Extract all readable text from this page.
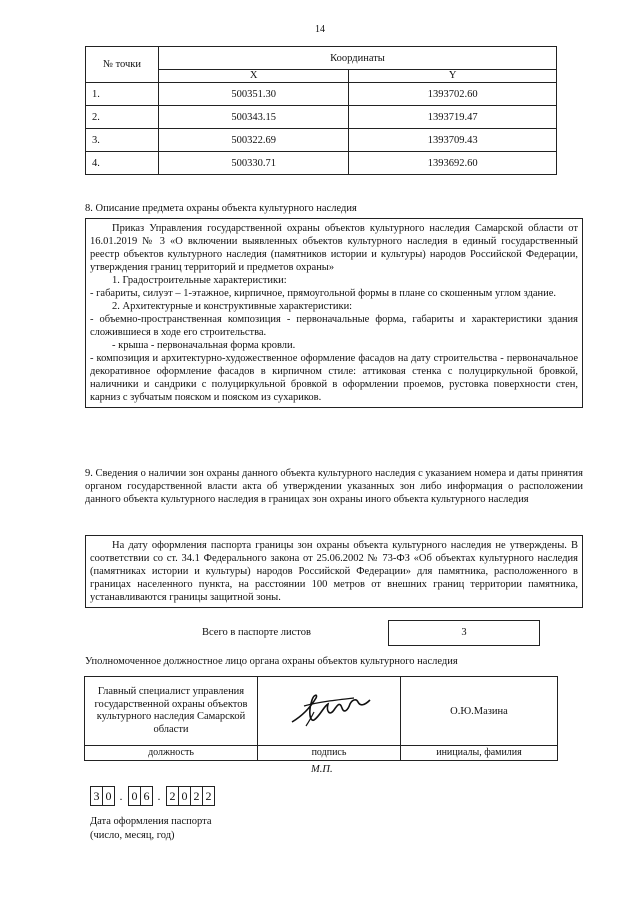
14
№ точки	Координаты	
	X	Y
1.	500351.30	1393702.60
2.	500343.15	1393719.47
3.	500322.69	1393709.43
4.	500330.71	1393692.60
8. Описание предмета охраны объекта культурного наследия

Приказ Управления государственной охраны объектов культурного наследия Самарской области от 16.01.2019 № 3 «О включении выявленных объектов культурного наследия в единый государственный реестр объектов культурного наследия (памятников истории и культуры) народов Российской Федерации, утверждения границ территорий и предметов охраны»

1. Градостроительные характеристики:

- габариты, силуэт – 1-этажное, кирпичное, прямоугольной формы в плане со скошенным углом здание.

2. Архитектурные и конструктивные характеристики:

- объемно-пространственная композиция - первоначальные форма, габариты и характеристики здания сложившиеся в ходе его строительства.

- крыша - первоначальная форма кровли.

- композиция и архитектурно-художественное оформление фасадов на дату строительства - первоначальное декоративное оформление фасадов в кирпичном стиле: аттиковая стенка с полуциркульной бровкой, наличники и сандрики с полуциркульной бровкой в оформлении проемов, рустовка поверхности стен, карниз с зубчатым пояском и пояском из сухариков.

9. Сведения о наличии зон охраны данного объекта культурного наследия с указанием номера и даты принятия органом государственной власти акта об утверждении указанных зон либо информация о расположении данного объекта культурного наследия в границах зон охраны иного объекта культурного наследия

На дату оформления паспорта границы зон охраны объекта культурного наследия не утверждены. В соответствии со ст. 34.1 Федерального закона от 25.06.2002 № 73-ФЗ «Об объектах культурного наследия (памятниках истории и культуры) народов Российской Федерации» для памятника, расположенного в границах населенного пункта, на расстоянии 100 метров от внешних границ территории памятника, устанавливаются границы защитной зоны.

Всего в паспорте листов	3
Уполномоченное должностное лицо органа охраны объектов культурного наследия
Главный специалист управления государственной охраны объектов культурного наследия Самарской области		О.Ю.Мазина
должность	подпись	инициалы, фамилия
М.П.
3 0 . 0 6 . 2 0 2 2
Дата оформления паспорта
(число, месяц, год)
